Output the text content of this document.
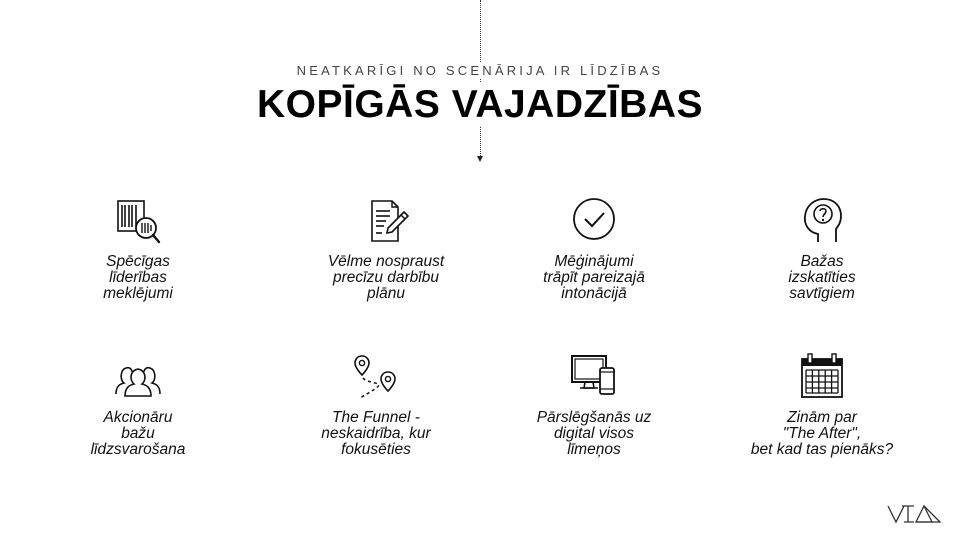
NEATKARĪGI NO SCENĀRIJA IR LĪDZĪBAS
KOPĪGĀS VAJADZĪBAS
Spēcīgas
līderības
meklējumi
Vēlme nospraust
precīzu darbību
plānu
Mēģinājumi
trāpīt pareizajā
intonācijā
Bažas
izskatīties
savtīgiem
Akcionāru
bažu
līdzsvarošana
The Funnel -
neskaidrība, kur
fokusēties
Pārslēgšanās uz
digital visos
līmeņos
Zinām par
"The After",
bet kad tas pienāks?
